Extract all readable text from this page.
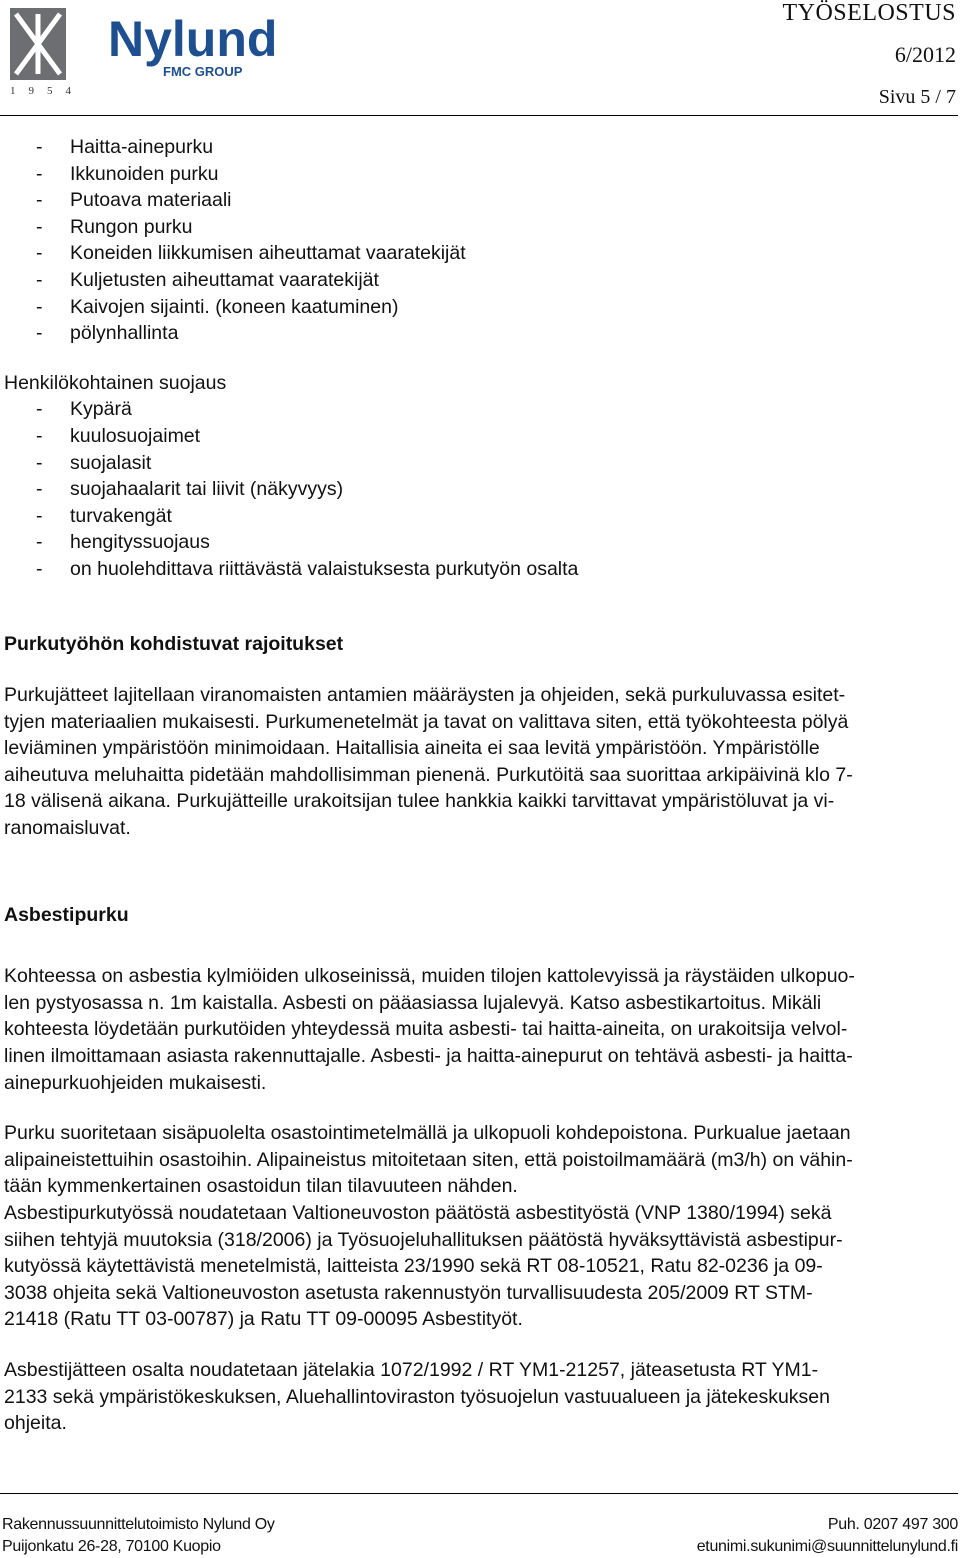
Nylund
FMC GROUP
1954
TYÖSELOSTUS
6/2012
Sivu 5 / 7
- Haitta-ainepurku
- Ikkunoiden purku
- Putoava materiaali
- Rungon purku
- Koneiden liikkumisen aiheuttamat vaaratekijät
- Kuljetusten aiheuttamat vaaratekijät
- Kaivojen sijainti. (koneen kaatuminen)
- pölynhallinta

Henkilökohtainen suojaus

- Kypärä
- kuulosuojaimet
- suojalasit
- suojahaalarit tai liivit (näkyvyys)
- turvakengät
- hengityssuojaus
- on huolehdittava riittävästä valaistuksesta purkutyön osalta
Purkutyöhön kohdistuvat rajoitukset

Purkujätteet lajitellaan viranomaisten antamien määräysten ja ohjeiden, sekä purkuluvassa esitet-
tyjen materiaalien mukaisesti. Purkumenetelmät ja tavat on valittava siten, että työkohteesta pölyä
leviäminen ympäristöön minimoidaan. Haitallisia aineita ei saa levitä ympäristöön. Ympäristölle
aiheutuva meluhaitta pidetään mahdollisimman pienenä. Purkutöitä saa suorittaa arkipäivinä klo 7-
18 välisenä aikana. Purkujätteille urakoitsijan tulee hankkia kaikki tarvittavat ympäristöluvat ja vi-
ranomaisluvat.

Asbestipurku

Kohteessa on asbestia kylmiöiden ulkoseinissä, muiden tilojen kattolevyissä ja räystäiden ulkopuo-
len pystyosassa n. 1m kaistalla. Asbesti on pääasiassa lujalevyä. Katso asbestikartoitus. Mikäli
kohteesta löydetään purkutöiden yhteydessä muita asbesti- tai haitta-aineita, on urakoitsija velvol-
linen ilmoittamaan asiasta rakennuttajalle. Asbesti- ja haitta-ainepurut on tehtävä asbesti- ja haitta-
ainepurkuohjeiden mukaisesti.

Purku suoritetaan sisäpuolelta osastointimetelmällä ja ulkopuoli kohdepoistona. Purkualue jaetaan
alipaineistettuihin osastoihin. Alipaineistus mitoitetaan siten, että poistoilmamäärä (m3/h) on vähin-
tään kymmenkertainen osastoidun tilan tilavuuteen nähden.
Asbestipurkutyössä noudatetaan Valtioneuvoston päätöstä asbestityöstä (VNP 1380/1994) sekä
siihen tehtyjä muutoksia (318/2006) ja Työsuojeluhallituksen päätöstä hyväksyttävistä asbestipur-
kutyössä käytettävistä menetelmistä, laitteista 23/1990 sekä RT 08-10521, Ratu 82-0236 ja 09-
3038 ohjeita sekä Valtioneuvoston asetusta rakennustyön turvallisuudesta 205/2009 RT STM-
21418 (Ratu TT 03-00787) ja Ratu TT 09-00095 Asbestityöt.

Asbestijätteen osalta noudatetaan jätelakia 1072/1992 / RT YM1-21257, jäteasetusta RT YM1-
2133 sekä ympäristökeskuksen, Aluehallintoviraston työsuojelun vastuualueen ja jätekeskuksen
ohjeita.

Rakennussuunnittelutoimisto Nylund Oy
Puijonkatu 26-28, 70100 Kuopio
Puh. 0207 497 300
etunimi.sukunimi@suunnittelunylund.fi
